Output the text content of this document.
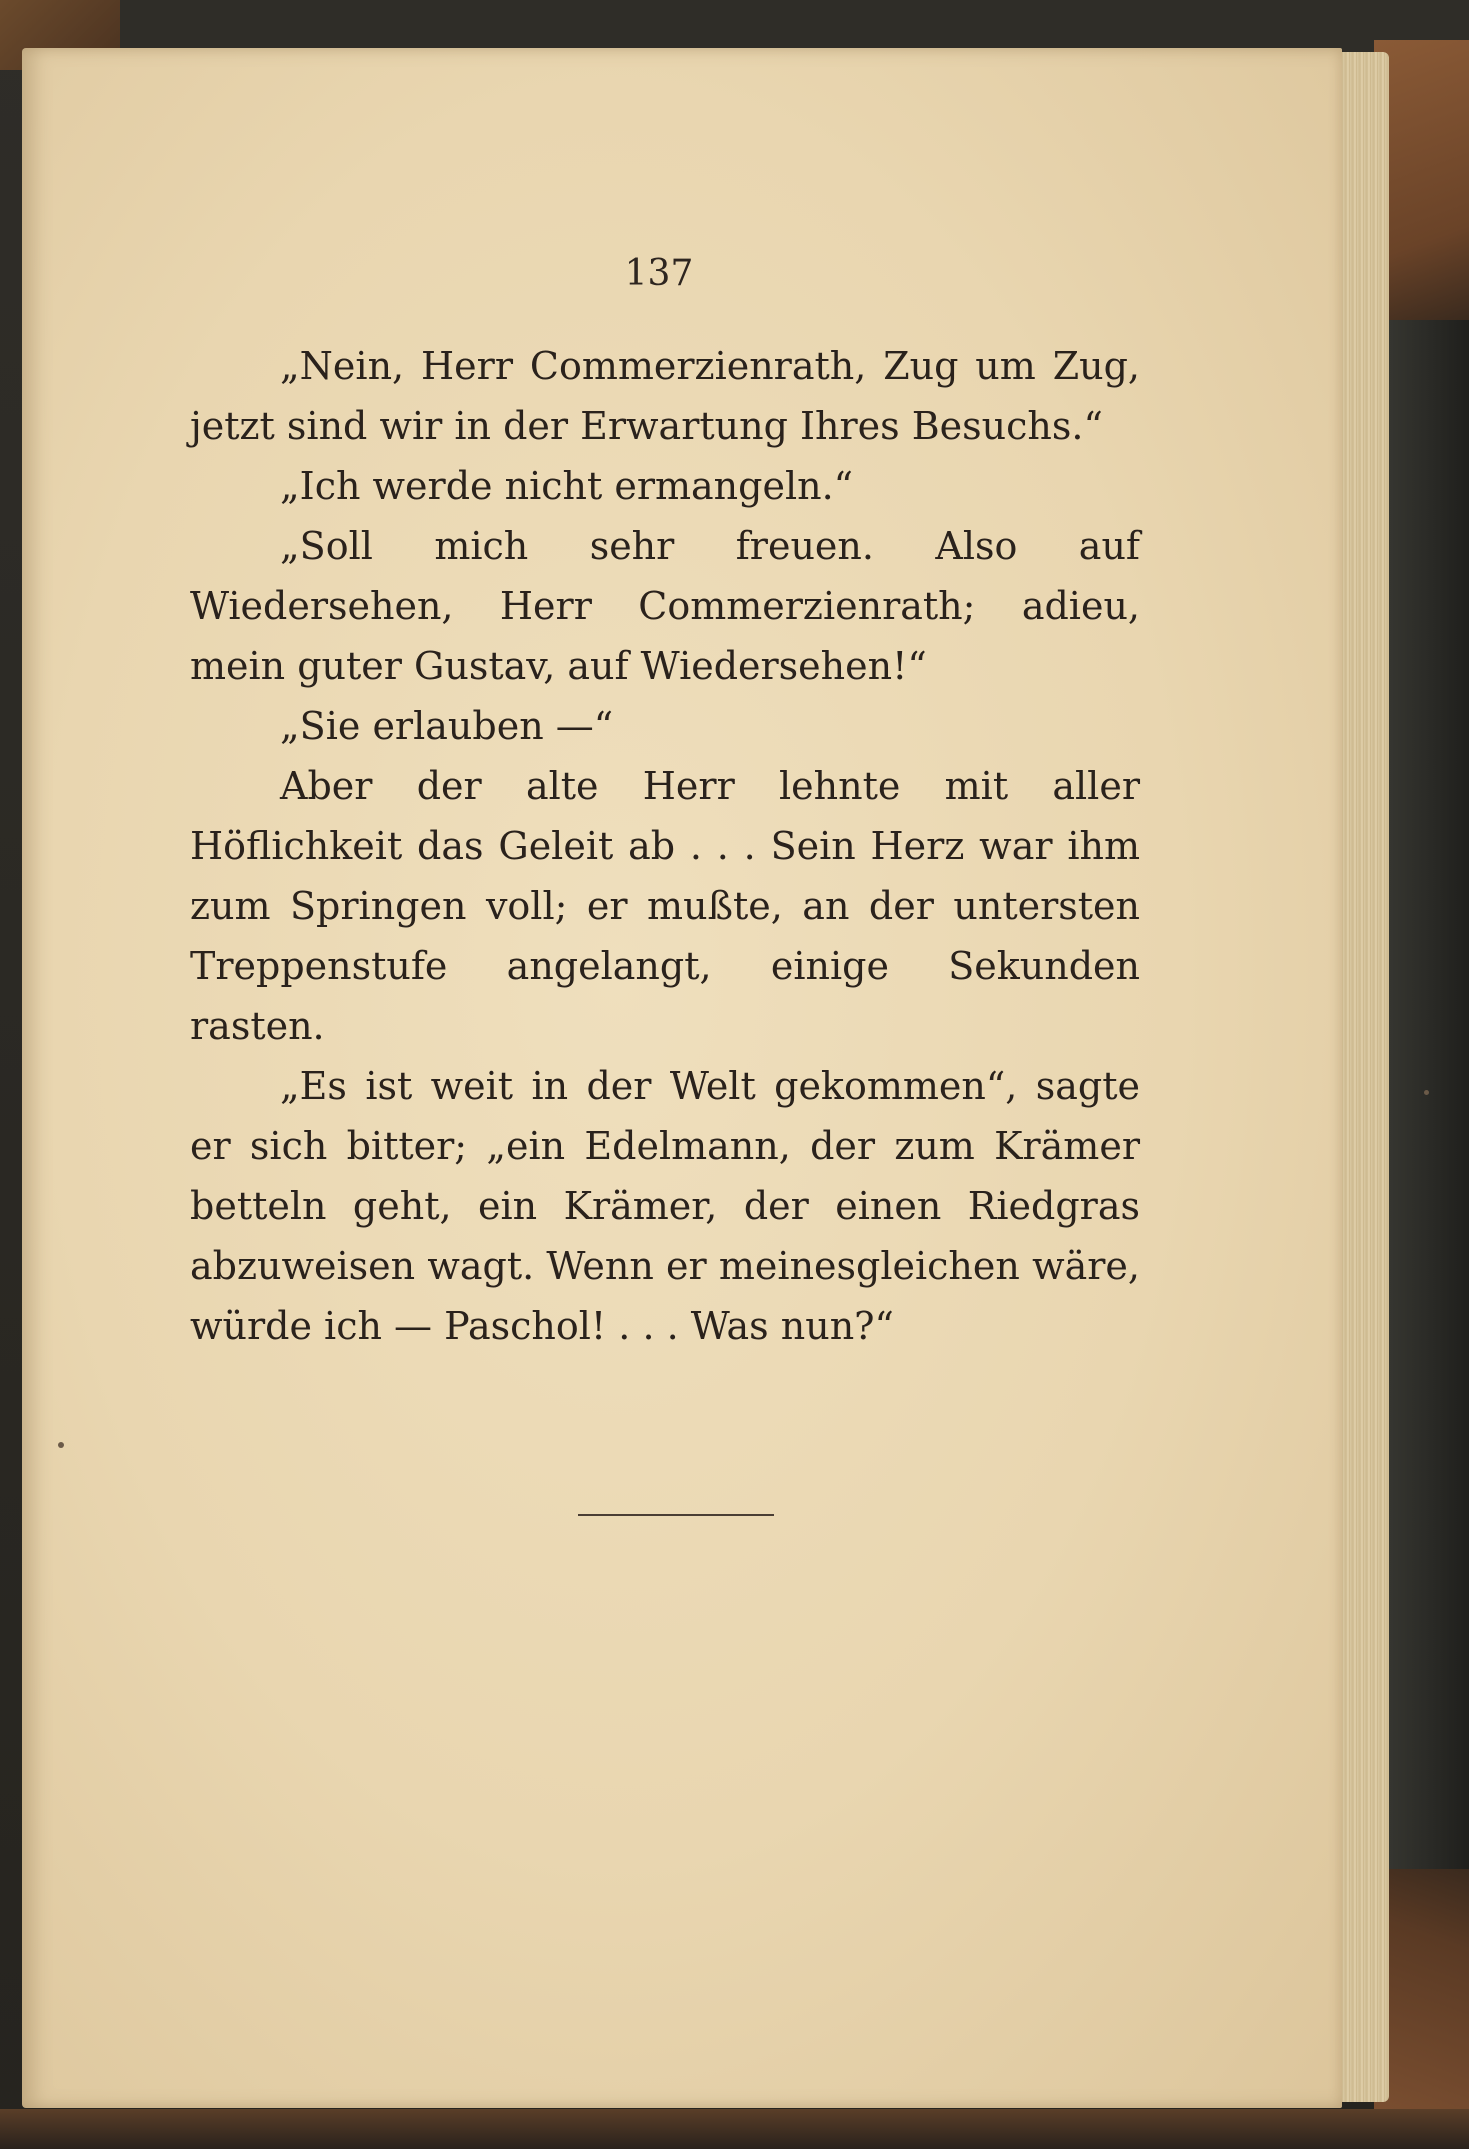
137

„Nein, Herr Commerzienrath, Zug um Zug, jetzt sind wir in der Erwartung Ihres Besuchs.“

„Ich werde nicht ermangeln.“

„Soll mich sehr freuen. Also auf Wiedersehen, Herr Commerzienrath; adieu, mein guter Gustav, auf Wiedersehen!“

„Sie erlauben —“

Aber der alte Herr lehnte mit aller Höflichkeit das Geleit ab . . . Sein Herz war ihm zum Springen voll; er mußte, an der untersten Treppenstufe angelangt, einige Sekunden rasten.

„Es ist weit in der Welt gekommen“, sagte er sich bitter; „ein Edelmann, der zum Krämer betteln geht, ein Krämer, der einen Riedgras abzuweisen wagt. Wenn er meinesgleichen wäre, würde ich — Paschol! . . . Was nun?“
